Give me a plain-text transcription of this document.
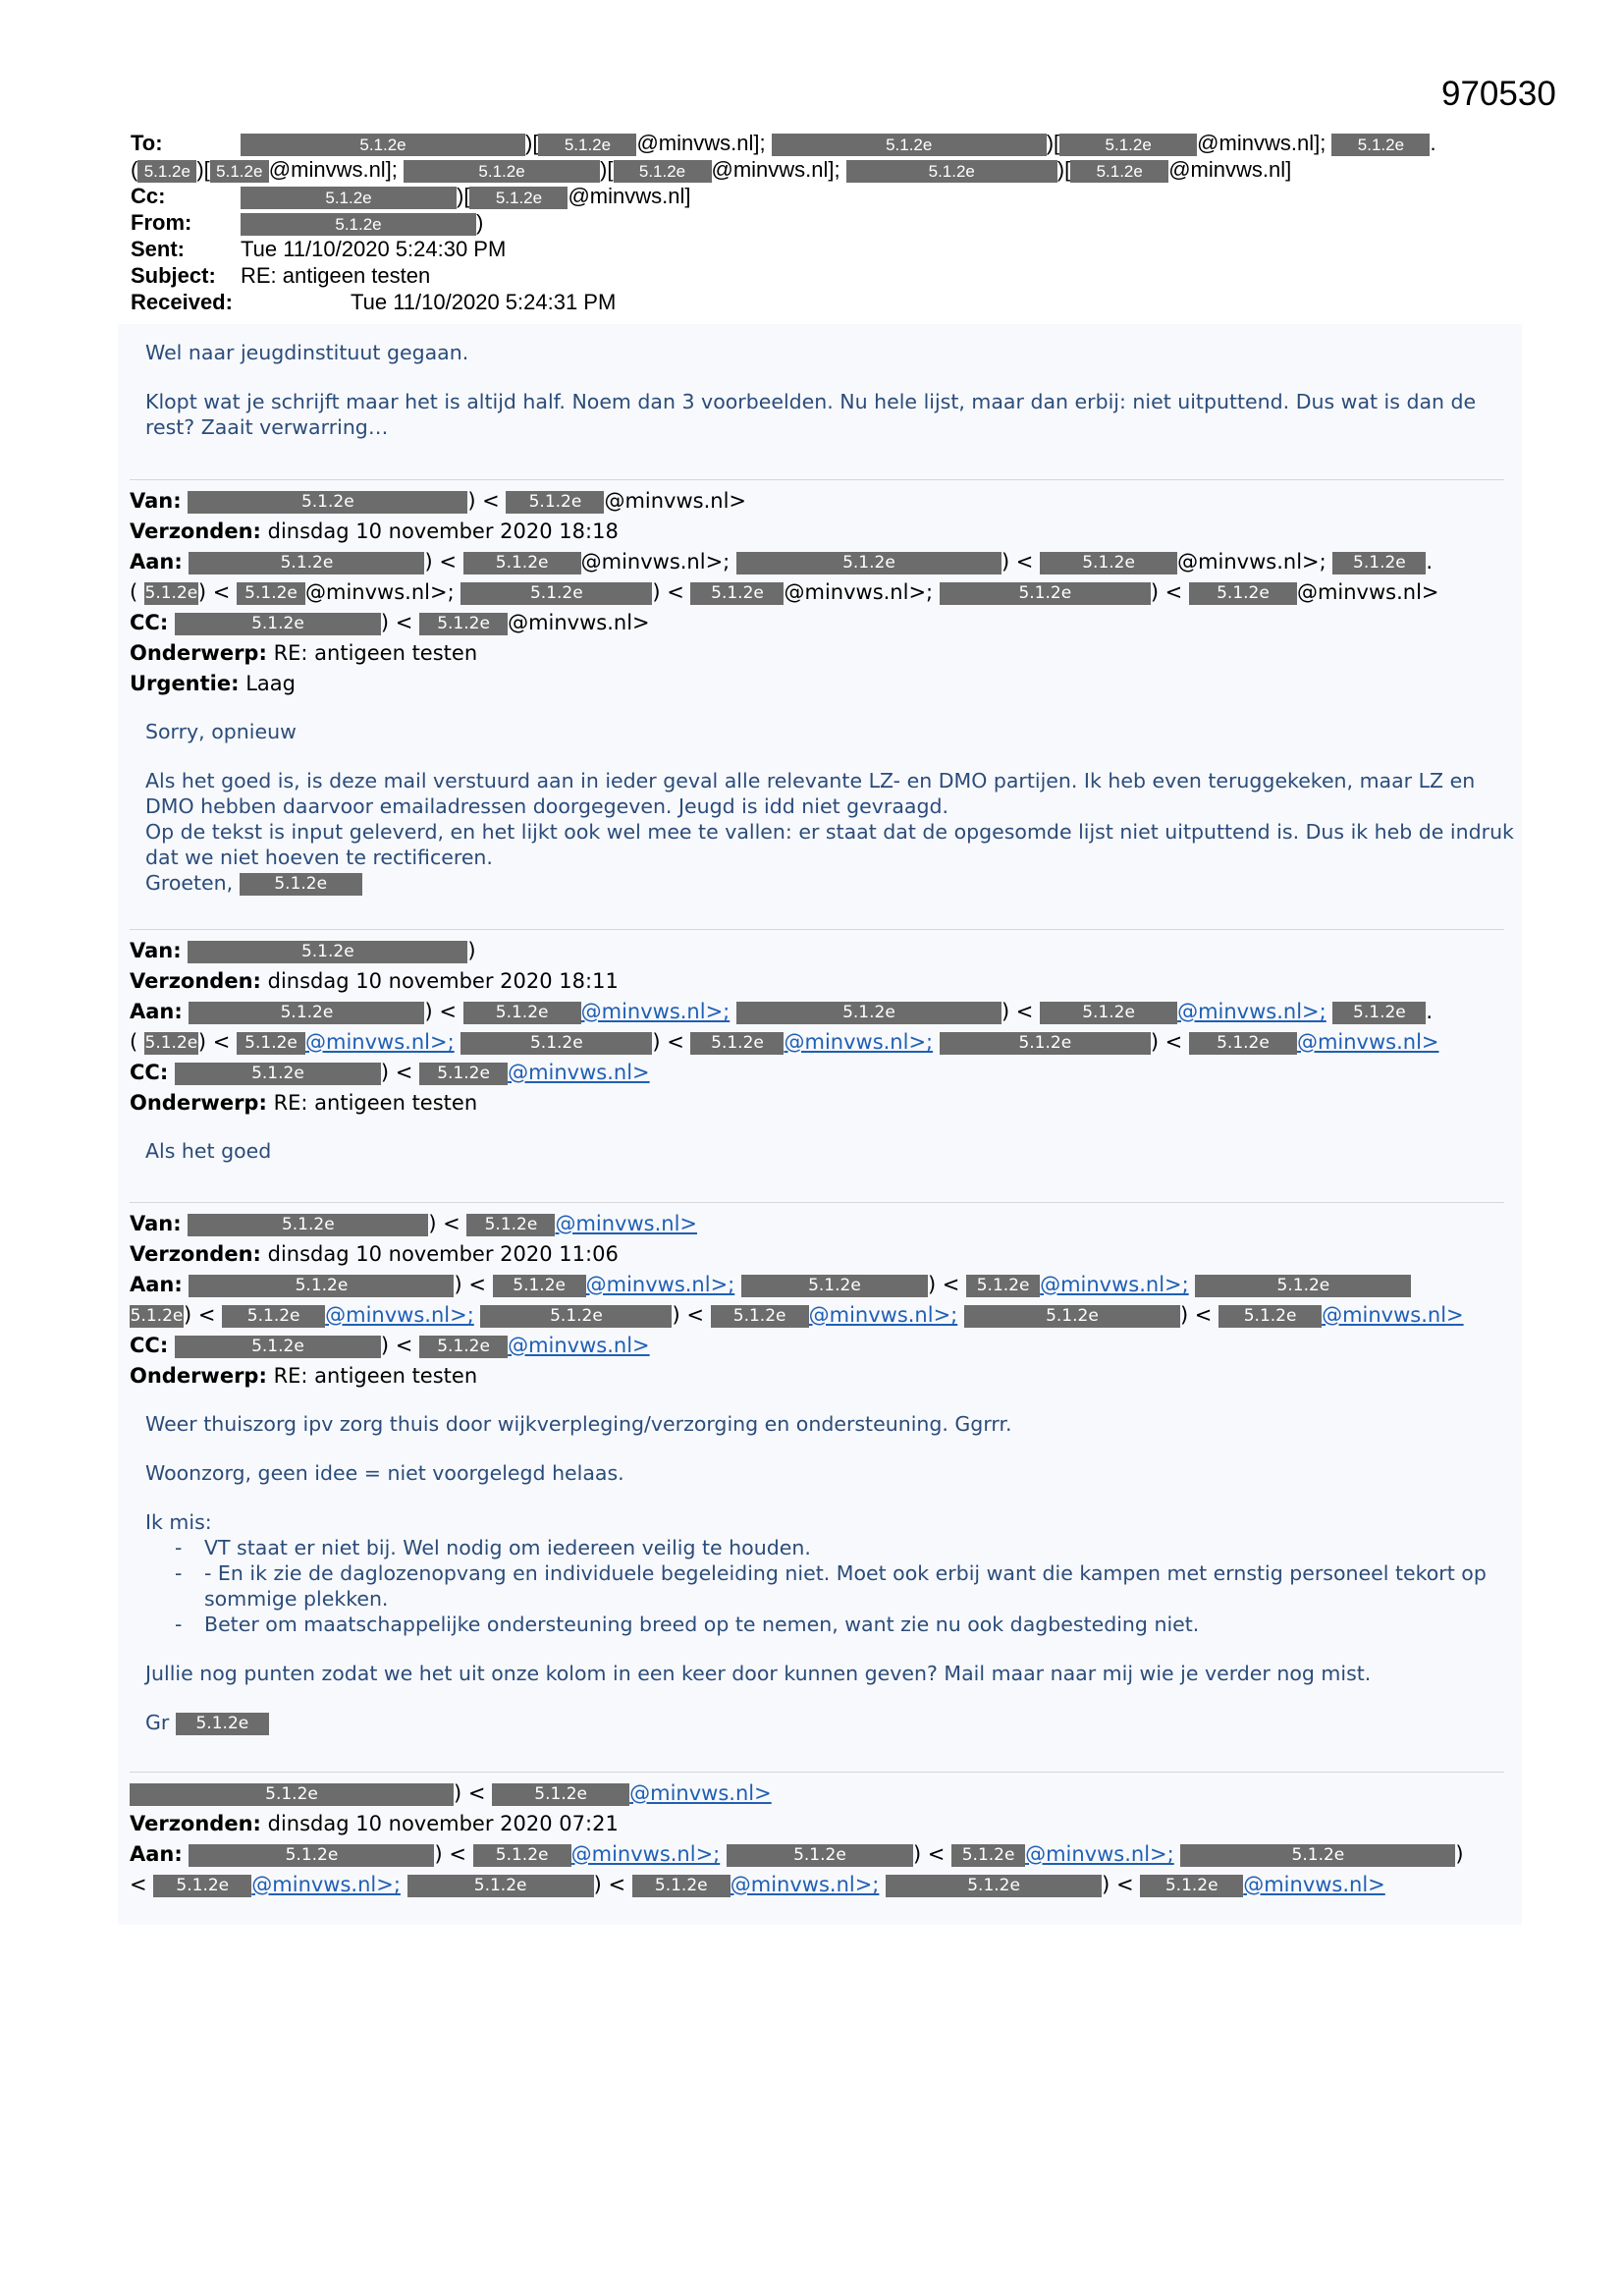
970530
To:	5.1.2e	)[ 5.1.2e @minvws.nl];	5.1.2e	)[	5.1.2e @minvws.nl]; 5.1.2e .
( 5.1.2e )[ 5.1.2e @minvws.nl];	5.1.2e	)[ 5.1.2e @minvws.nl];	5.1.2e	)[ 5.1.2e @minvws.nl]
Cc:	5.1.2e	)[ 5.1.2e @minvws.nl]
From:	5.1.2e	)
Sent:	Tue 11/10/2020 5:24:30 PM
Subject: RE: antigeen testen
Received:	Tue 11/10/2020 5:24:31 PM

Wel naar jeugdinstituut gegaan.

Klopt wat je schrijft maar het is altijd half. Noem dan 3 voorbeelden. Nu hele lijst, maar dan erbij: niet uitputtend. Dus wat is dan de rest? Zaait verwarring…

Van:	5.1.2e	) < 5.1.2e @minvws.nl>
Verzonden: dinsdag 10 november 2020 18:18
Aan:	5.1.2e	) < 5.1.2e @minvws.nl>;	5.1.2e	) <	5.1.2e @minvws.nl>; 5.1.2e .
( 5.1.2e) < 5.1.2e @minvws.nl>;	5.1.2e	) < 5.1.2e @minvws.nl>;	5.1.2e	) < 5.1.2e @minvws.nl>
CC:	5.1.2e	) < 5.1.2e @minvws.nl>
Onderwerp: RE: antigeen testen
Urgentie: Laag

Sorry, opnieuw

Als het goed is, is deze mail verstuurd aan in ieder geval alle relevante LZ- en DMO partijen. Ik heb even teruggekeken, maar LZ en DMO hebben daarvoor emailadressen doorgegeven. Jeugd is idd niet gevraagd.

Op de tekst is input geleverd, en het lijkt ook wel mee te vallen: er staat dat de opgesomde lijst niet uitputtend is. Dus ik heb de indruk dat we niet hoeven te rectificeren.

Groeten, 5.1.2e

Van:	5.1.2e	)
Verzonden: dinsdag 10 november 2020 18:11
Aan:	5.1.2e	) < 5.1.2e @minvws.nl>;	5.1.2e	) <	5.1.2e @minvws.nl>; 5.1.2e .
( 5.1.2e) < 5.1.2e @minvws.nl>;	5.1.2e	) < 5.1.2e @minvws.nl>;	5.1.2e	) < 5.1.2e @minvws.nl>
CC:	5.1.2e	) < 5.1.2e @minvws.nl>
Onderwerp: RE: antigeen testen

Als het goed

Van:	5.1.2e	) < 5.1.2e @minvws.nl>
Verzonden: dinsdag 10 november 2020 11:06
Aan:	5.1.2e	) < 5.1.2e @minvws.nl>;	5.1.2e	) < 5.1.2e @minvws.nl>;	5.1.2e
5.1.2e) < 5.1.2e @minvws.nl>;	5.1.2e	) < 5.1.2e @minvws.nl>;	5.1.2e	) < 5.1.2e @minvws.nl>
CC:	5.1.2e	) < 5.1.2e @minvws.nl>
Onderwerp: RE: antigeen testen

Weer thuiszorg ipv zorg thuis door wijkverpleging/verzorging en ondersteuning. Ggrrr.

Woonzorg, geen idee = niet voorgelegd helaas.

Ik mis:

- VT staat er niet bij. Wel nodig om iedereen veilig te houden.
- - En ik zie de daglozenopvang en individuele begeleiding niet. Moet ook erbij want die kampen met ernstig personeel tekort op sommige plekken.
- Beter om maatschappelijke ondersteuning breed op te nemen, want zie nu ook dagbesteding niet.

Jullie nog punten zodat we het uit onze kolom in een keer door kunnen geven? Mail maar naar mij wie je verder nog mist.

Gr 5.1.2e

5.1.2e	) <	5.1.2e @minvws.nl>
Verzonden: dinsdag 10 november 2020 07:21
Aan:	5.1.2e	) < 5.1.2e @minvws.nl>;	5.1.2e	) < 5.1.2e @minvws.nl>;	5.1.2e	)
< 5.1.2e @minvws.nl>;	5.1.2e	) < 5.1.2e @minvws.nl>;	5.1.2e	) < 5.1.2e @minvws.nl>
